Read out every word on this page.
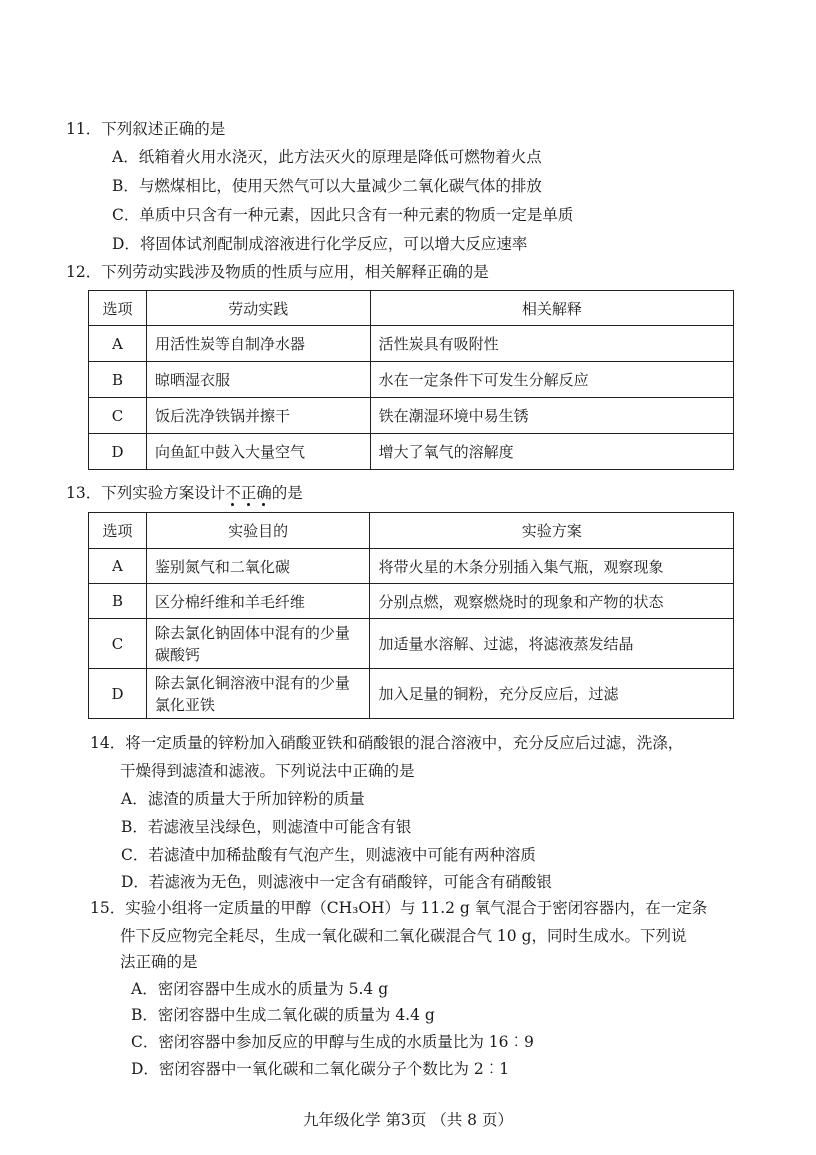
11．下列叙述正确的是
A．纸箱着火用水浇灭，此方法灭火的原理是降低可燃物着火点
B．与燃煤相比，使用天然气可以大量减少二氧化碳气体的排放
C．单质中只含有一种元素，因此只含有一种元素的物质一定是单质
D．将固体试剂配制成溶液进行化学反应，可以增大反应速率
12．下列劳动实践涉及物质的性质与应用，相关解释正确的是
选项	劳动实践	相关解释
A	用活性炭等自制净水器	活性炭具有吸附性
B	晾晒湿衣服	水在一定条件下可发生分解反应
C	饭后洗净铁锅并擦干	铁在潮湿环境中易生锈
D	向鱼缸中鼓入大量空气	增大了氧气的溶解度
13．下列实验方案设计不正确
的是
选项	实验目的	实验方案
A	鉴别氮气和二氧化碳	将带火星的木条分别插入集气瓶，观察现象
B	区分棉纤维和羊毛纤维	分别点燃，观察燃烧时的现象和产物的状态
C	除去氯化钠固体中混有的少量碳酸钙	加适量水溶解、过滤，将滤液蒸发结晶
D	除去氯化铜溶液中混有的少量氯化亚铁	加入足量的铜粉，充分反应后，过滤
14．将一定质量的锌粉加入硝酸亚铁和硝酸银的混合溶液中，充分反应后过滤，洗涤，
干燥得到滤渣和滤液。下列说法中正确的是
A．滤渣的质量大于所加锌粉的质量
B．若滤液呈浅绿色，则滤渣中可能含有银
C．若滤渣中加稀盐酸有气泡产生，则滤液中可能有两种溶质
D．若滤液为无色，则滤液中一定含有硝酸锌，可能含有硝酸银
15．实验小组将一定质量的甲醇（CH₃OH）与 11.2 g 氧气混合于密闭容器内，在一定条
件下反应物完全耗尽，生成一氧化碳和二氧化碳混合气 10 g，同时生成水。下列说
法正确的是
A．密闭容器中生成水的质量为 5.4 g
B．密闭容器中生成二氧化碳的质量为 4.4 g
C．密闭容器中参加反应的甲醇与生成的水质量比为 16︰9
D．密闭容器中一氧化碳和二氧化碳分子个数比为 2︰1
九年级化学 第3页 （共 8 页）
